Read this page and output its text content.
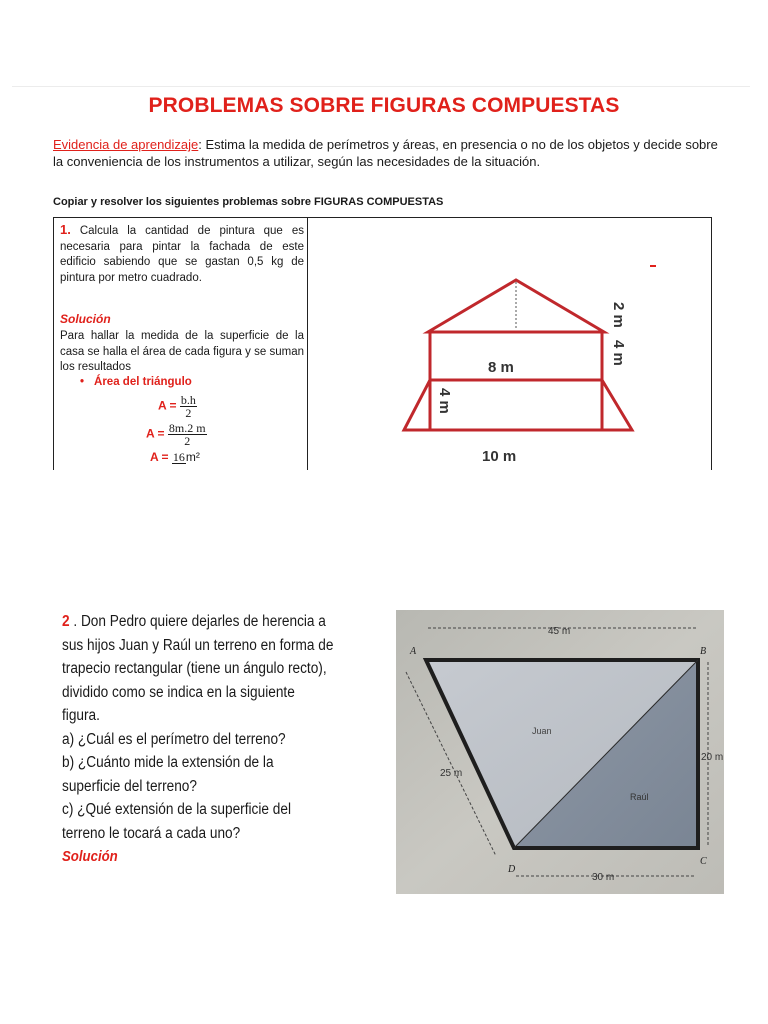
PROBLEMAS SOBRE FIGURAS COMPUESTAS
Evidencia de aprendizaje: Estima la medida de perímetros y áreas, en presencia o no de los objetos y decide sobre la conveniencia de los instrumentos a utilizar, según las necesidades de la situación.
Copiar y resolver los siguientes problemas sobre FIGURAS COMPUESTAS
1. Calcula la cantidad de pintura que es necesaria para pintar la fachada de este edificio sabiendo que se gastan 0,5 kg de pintura por metro cuadrado.
Solución
Para hallar la medida de la superficie de la casa se halla el área de cada figura y se suman los resultados
• Área del triángulo
$A = \frac{b.h}{2}$
$A = \frac{8m.2 m}{2}$
A = 16 m²
2 m
4 m
8 m
4 m
10 m
2 . Don Pedro quiere dejarles de herencia a sus hijos Juan y Raúl un terreno en forma de trapecio rectangular (tiene un ángulo recto), dividido como se indica en la siguiente figura.
a) ¿Cuál es el perímetro del terreno?
b) ¿Cuánto mide la extensión de la superficie del terreno?
c) ¿Qué extensión de la superficie del terreno le tocará a cada uno?
Solución
45 m
20 m
25 m
30 m
Juan
Raúl
A	B
C
D
